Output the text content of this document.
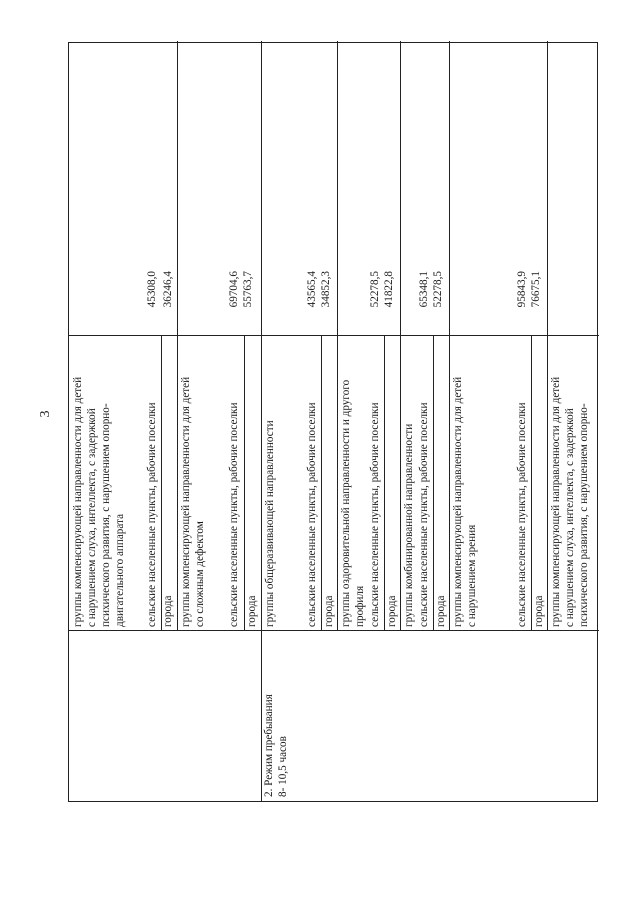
3
2. Режим пребывания 8- 10,5 часов
группы компенсирующей направленности для детей с нарушением слуха, интеллекта, с задержкой психического развития, с нарушением опорно- двигательного аппарата сельские населенные пункты, рабочие поселки города
45308,0 36246,4
группы компенсирующей направленности для детей со сложным дефектом сельские населенные пункты, рабочие поселки города
69704,6 55763,7
группы общеразвивающей направленности	сельские населенные пункты, рабочие поселки города
43565,4 34852,3
группы оздоровительной направленности и другого профиля сельские населенные пункты, рабочие поселки города
52278,5 41822,8
группы комбинированной направленности сельские населенные пункты, рабочие поселки города
65348,1 52278,5
группы компенсирующей направленности для детей с нарушением зрения	сельские населенные пункты, рабочие поселки города
95843,9 76675,1
группы компенсирующей направленности для детей с нарушением слуха, интеллекта, с задержкой психического развития, с нарушением опорно-
